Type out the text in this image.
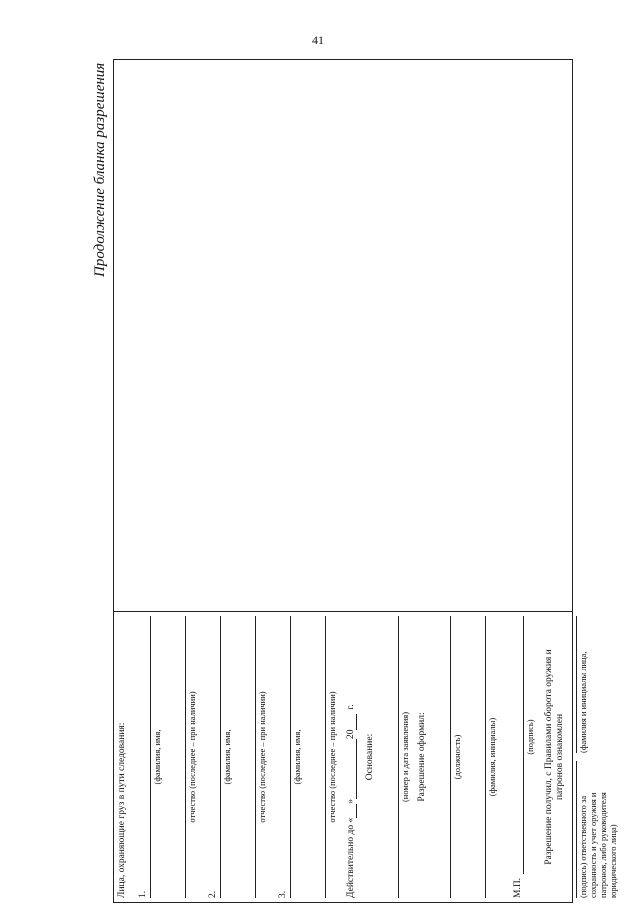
41
Продолжение бланка разрешения
Лица, охраняющие груз в пути следования: 1.
(фамилия, имя,	отчество (последнее – при наличии)
2.
(фамилия, имя,	отчество (последнее – при наличии)
3.
(фамилия, имя,	отчество (последнее – при наличии)
Действительно до «
»
20
г.
Основание:	(номер и дата заявления) Разрешение оформил:	(должность)	(фамилия, инициалы)
М.П.
(подпись) Разрешение получил, с Правилами оборота оружия и патронов ознакомлен
(подпись) ответственного за сохранность и учет оружия и патронов, либо руководителя юридического лица)
(фамилия и инициалы лица,
